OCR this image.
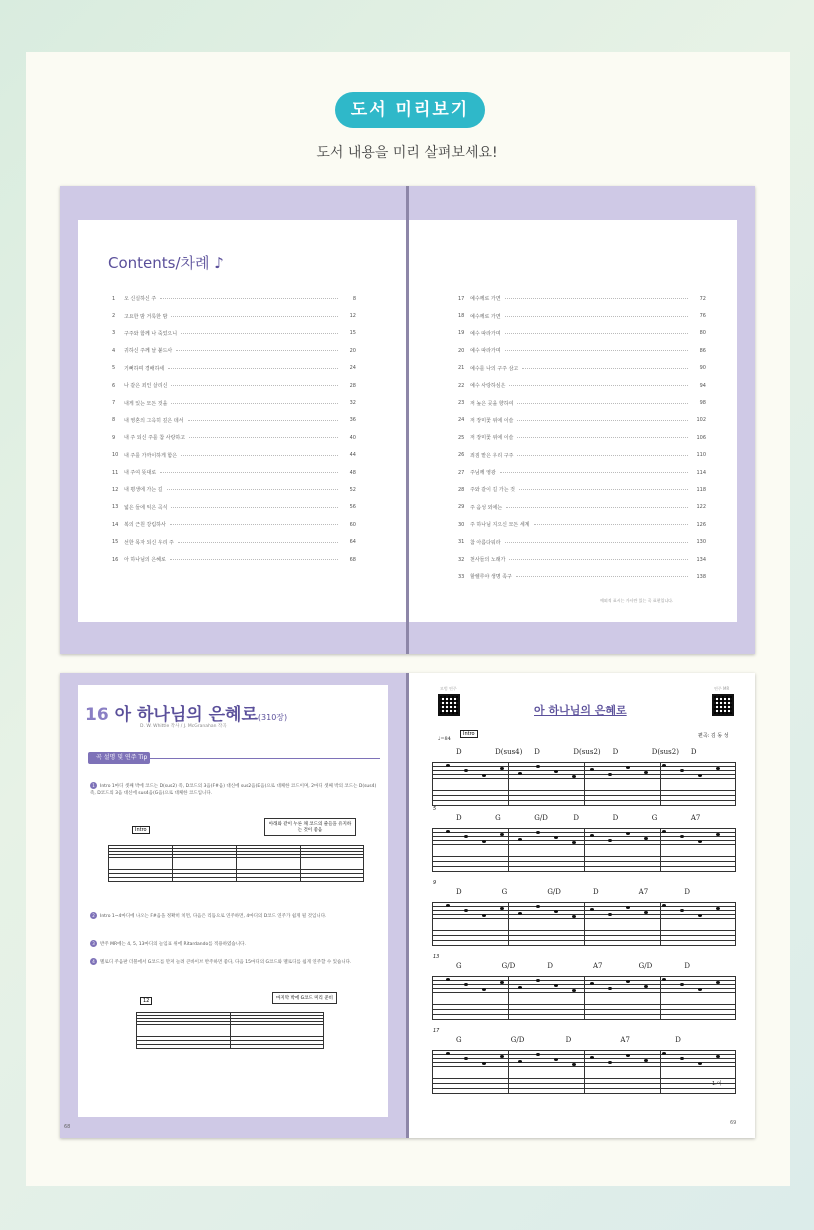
도서 미리보기
도서 내용을 미리 살펴보세요!
Contents/차례 ♪
1	오 신실하신 주	8
2	고요한 밤 거룩한 밤	12
3	구주와 함께 나 죽었으니	15
4	귀하신 주께 날 붙드사	20
5	기뻐하며 경배하세	24
6	나 같은 죄인 살리신	28
7	내게 있는 모든 것을	32
8	내 영혼의 그윽히 깊은 데서	36
9	내 주 되신 주를 참 사랑하고	40
10	내 주를 가까이하게 함은	44
11	내 주여 뜻대로	48
12	내 평생에 가는 길	52
13	넓은 들에 익은 곡식	56
14	복의 근원 강림하사	60
15	선한 목자 되신 우리 주	64
16	아 하나님의 은혜로	68
17	예수께로 가면	72
18	예수께로 가면	76
19	예수 따라가며	80
20	예수 따라가며	86
21	예수를 나의 구주 삼고	90
22	예수 사랑하심은	94
23	저 높은 곳을 향하여	98
24	저 장미꽃 위에 이슬	102
25	저 장미꽃 위에 이슬	106
26	죄짐 맡은 우리 구주	110
27	주님께 영광	114
28	주와 같이 길 가는 것	118
29	주 음성 외에는	122
30	주 하나님 지으신 모든 세계	126
31	참 아름다워라	130
32	천사들의 노래가	134
33	할렐루야 생명 족구	138
예외적 표시는 가사만 있는 곡 표현입니다.
16 아 하나님의 은혜로(310장)
D. W. Whittle 작사 / J. McGranahan 작곡
곡 설명 및 연주 Tip
1 Intro 1마디 셋째 박에 코드는 D(sus2) 즉, D코드의 3음(F#음) 대신에 sus2음(E음)으로 대체한 코드이며, 2마디 셋째 박의 코드는 D(sus4) 즉, D코드의 3음 대신에 sus4음(G음)으로 대체한 코드입니다.
Intro
아래와 같이 누른 채 코드의 줄들을 유지하는 것이 좋음
2 Intro 1~4마디에 나오는 F#음을 정확히 치면, 다음은 리듬으로 연주하면, 4마디의 D코드 연주가 쉽게 될 것입니다.
3 반주 MR에는 4, 5, 13마디의 늘임표 위에 Ritardando를 적용하였습니다.
4 멜로디 주음판 더블에서 G코드를 만져 늘려 큰바이브 반주하면 좋다, 다음 15마디의 G코드와 멜로디를 쉽게 연주할 수 있습니다.
마지막 박에 G코드 미리 준비
12
68
모범 연주	연주 MR
아 하나님의 은혜로
편곡: 김 동 성
♩=84
Intro
D	D(sus4) D	D(sus2) D	D(sus2) D
5
D	G	G/D	D	D	G	A7
9
D	G	G/D	D	A7	D
13
G	G/D	D	A7	G/D	D
17
G	G/D	D	A7	D
1.이
69
